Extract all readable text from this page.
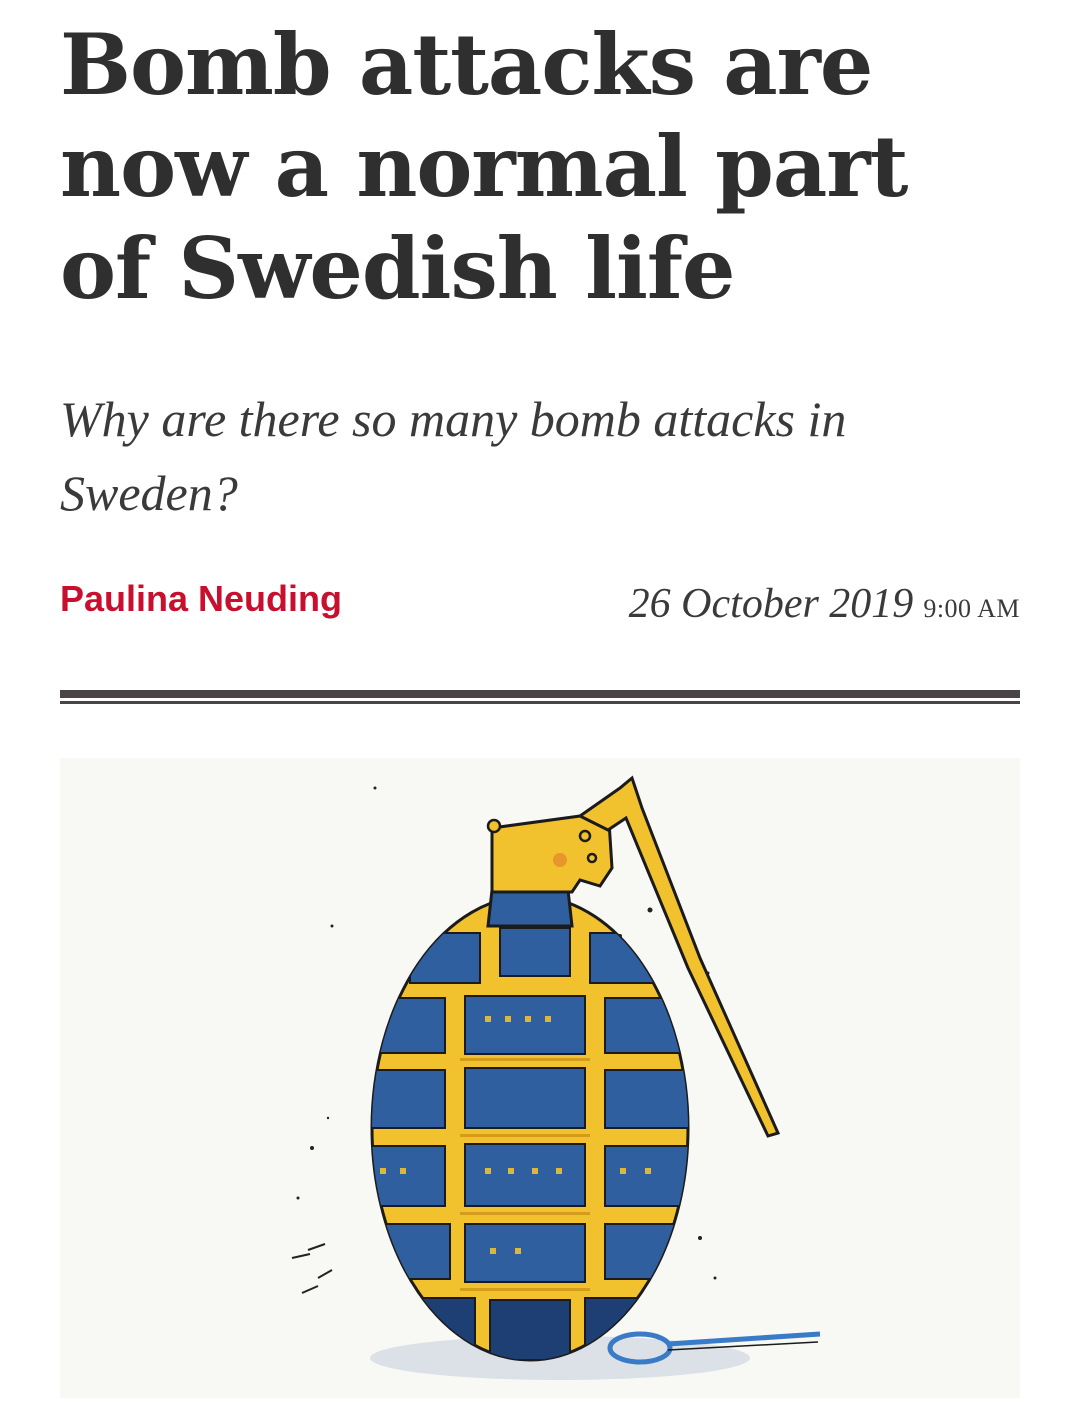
Bomb attacks are now a normal part of Swedish life

Why are there so many bomb attacks in Sweden?

Paulina Neuding	26 October 2019 9:00 AM
